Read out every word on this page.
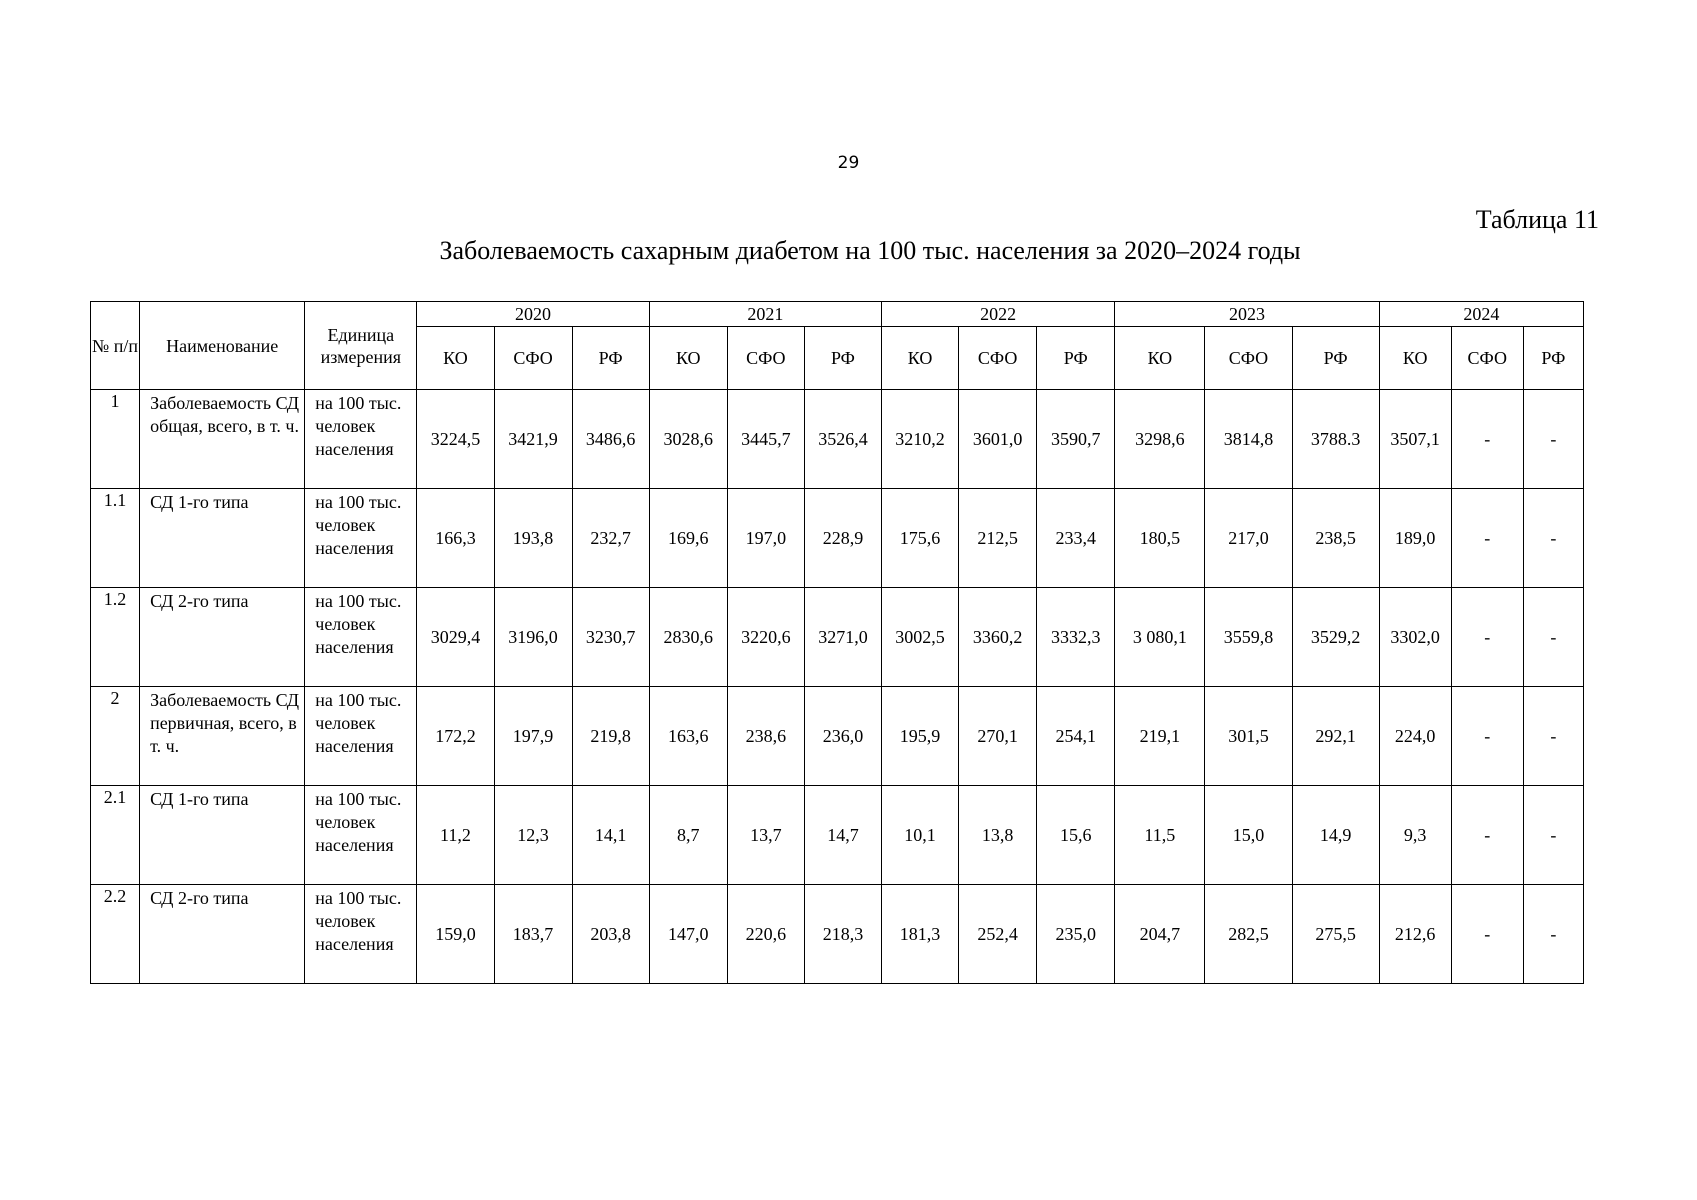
29
Таблица 11
Заболеваемость сахарным диабетом на 100 тыс. населения за 2020–2024 годы
№ п/п	Наименование	Единица измерения	2020			2021			2022			2023			2024		
			КО	СФО	РФ	КО	СФО	РФ	КО	СФО	РФ	КО	СФО	РФ	КО	СФО	РФ
1	Заболеваемость СД общая, всего, в т. ч.	на 100 тыс. человек населения	3224,5	3421,9	3486,6	3028,6	3445,7	3526,4	3210,2	3601,0	3590,7	3298,6	3814,8	3788.3	3507,1	-	-
1.1	СД 1-го типа	на 100 тыс. человек населения	166,3	193,8	232,7	169,6	197,0	228,9	175,6	212,5	233,4	180,5	217,0	238,5	189,0	-	-
1.2	СД 2-го типа	на 100 тыс. человек населения	3029,4	3196,0	3230,7	2830,6	3220,6	3271,0	3002,5	3360,2	3332,3	3 080,1	3559,8	3529,2	3302,0	-	-
2	Заболеваемость СД первичная, всего, в т. ч.	на 100 тыс. человек населения	172,2	197,9	219,8	163,6	238,6	236,0	195,9	270,1	254,1	219,1	301,5	292,1	224,0	-	-
2.1	СД 1-го типа	на 100 тыс. человек населения	11,2	12,3	14,1	8,7	13,7	14,7	10,1	13,8	15,6	11,5	15,0	14,9	9,3	-	-
2.2	СД 2-го типа	на 100 тыс. человек населения	159,0	183,7	203,8	147,0	220,6	218,3	181,3	252,4	235,0	204,7	282,5	275,5	212,6	-	-
